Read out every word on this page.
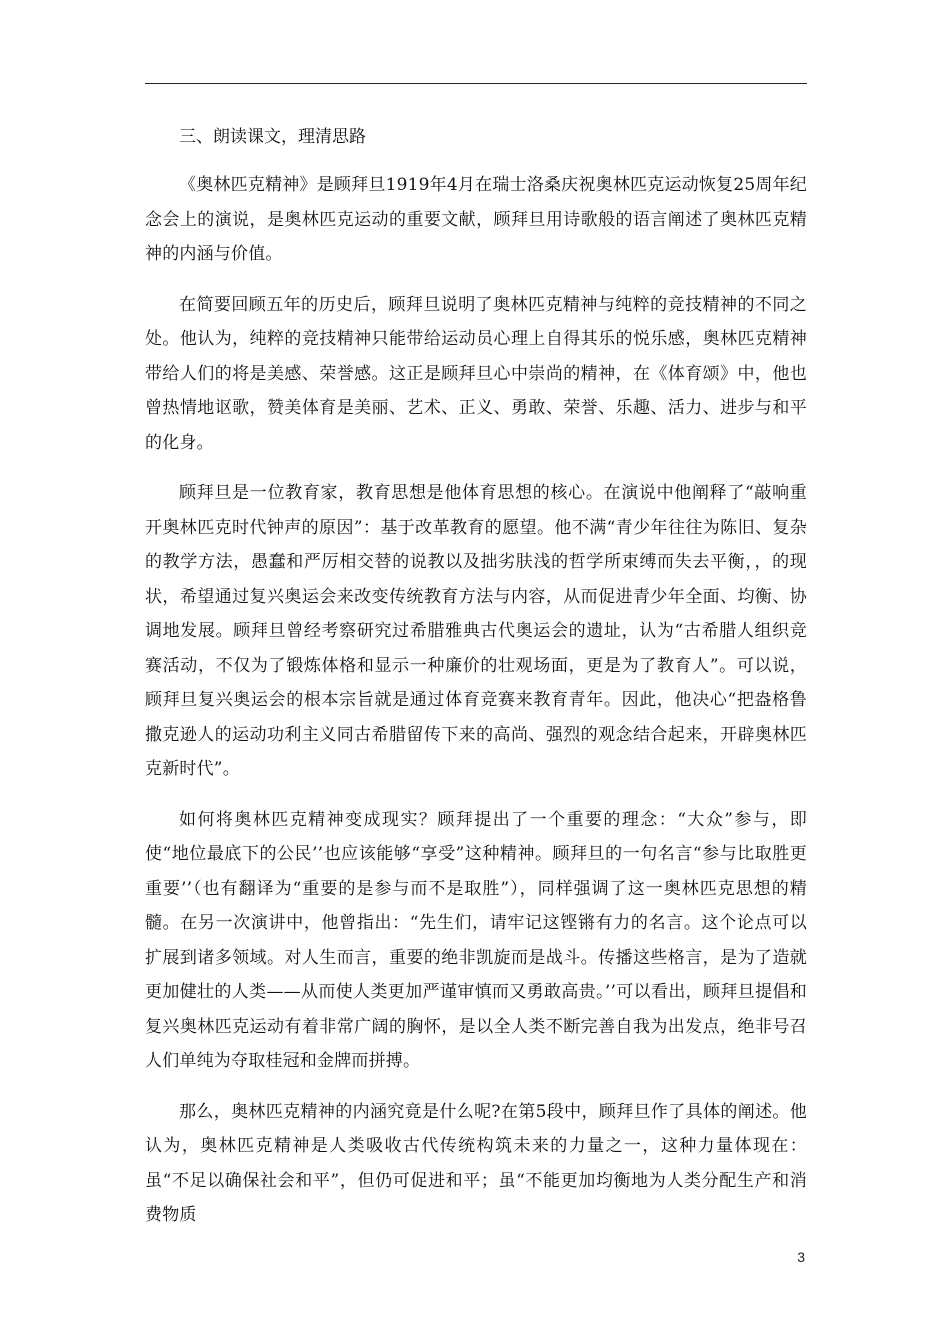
三、朗读课文，理清思路

《奥林匹克精神》是顾拜旦1919年4月在瑞士洛桑庆祝奥林匹克运动恢复25周年纪念会上的演说，是奥林匹克运动的重要文献，顾拜旦用诗歌般的语言阐述了奥林匹克精神的内涵与价值。

在简要回顾五年的历史后，顾拜旦说明了奥林匹克精神与纯粹的竞技精神的不同之处。他认为，纯粹的竞技精神只能带给运动员心理上自得其乐的悦乐感，奥林匹克精神带给人们的将是美感、荣誉感。这正是顾拜旦心中崇尚的精神，在《体育颂》中，他也曾热情地讴歌，赞美体育是美丽、艺术、正义、勇敢、荣誉、乐趣、活力、进步与和平的化身。

顾拜旦是一位教育家，教育思想是他体育思想的核心。在演说中他阐释了“敲响重开奥林匹克时代钟声的原因”：基于改革教育的愿望。他不满“青少年往往为陈旧、复杂的教学方法，愚蠢和严厉相交替的说教以及拙劣肤浅的哲学所束缚而失去平衡，，的现状，希望通过复兴奥运会来改变传统教育方法与内容，从而促进青少年全面、均衡、协调地发展。顾拜旦曾经考察研究过希腊雅典古代奥运会的遗址，认为“古希腊人组织竞赛活动，不仅为了锻炼体格和显示一种廉价的壮观场面，更是为了教育人”。可以说，顾拜旦复兴奥运会的根本宗旨就是通过体育竞赛来教育青年。因此，他决心“把盎格鲁撒克逊人的运动功利主义同古希腊留传下来的高尚、强烈的观念结合起来，开辟奥林匹克新时代”。

如何将奥林匹克精神变成现实？顾拜提出了一个重要的理念：“大众”参与，即使“地位最底下的公民’’也应该能够“享受”这种精神。顾拜旦的一句名言“参与比取胜更重要’’（也有翻译为“重要的是参与而不是取胜”），同样强调了这一奥林匹克思想的精髓。在另一次演讲中，他曾指出：“先生们，请牢记这铿锵有力的名言。这个论点可以扩展到诸多领域。对人生而言，重要的绝非凯旋而是战斗。传播这些格言，是为了造就更加健壮的人类——从而使人类更加严谨审慎而又勇敢高贵。’’可以看出，顾拜旦提倡和复兴奥林匹克运动有着非常广阔的胸怀，是以全人类不断完善自我为出发点，绝非号召人们单纯为夺取桂冠和金牌而拼搏。

那么，奥林匹克精神的内涵究竟是什么呢?在第5段中，顾拜旦作了具体的阐述。他认为，奥林匹克精神是人类吸收古代传统构筑未来的力量之一，这种力量体现在：虽“不足以确保社会和平”，但仍可促进和平；虽“不能更加均衡地为人类分配生产和消费物质

3
